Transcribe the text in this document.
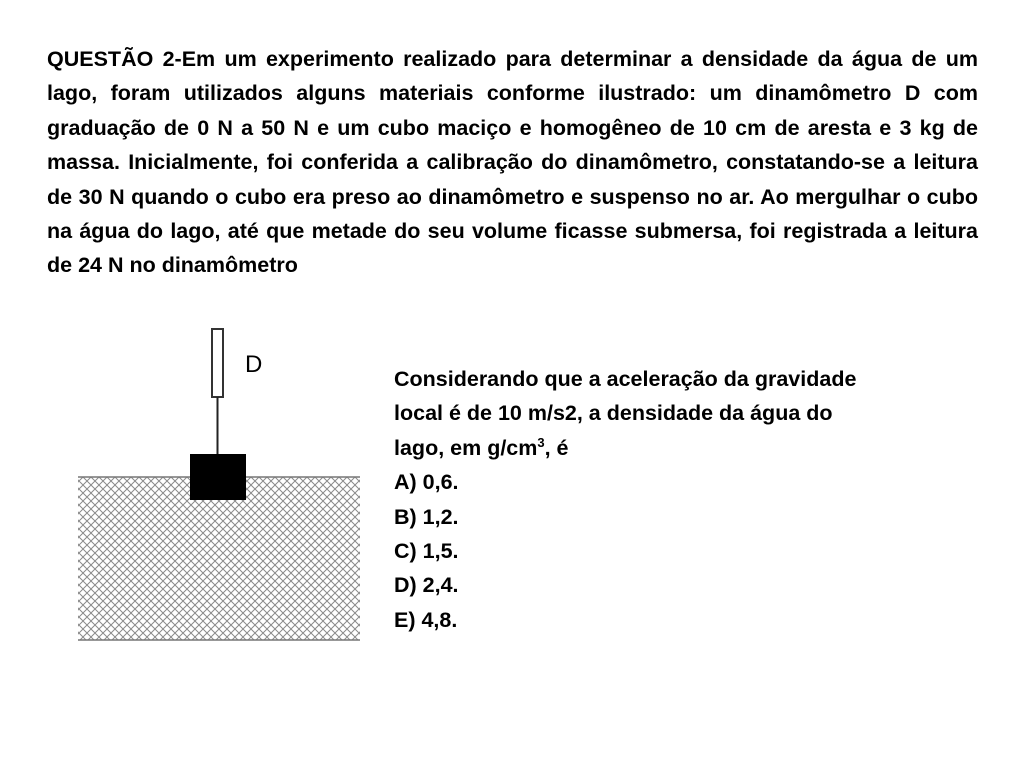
QUESTÃO 2-Em um experimento realizado para determinar a densidade da água de um lago, foram utilizados alguns materiais conforme ilustrado: um dinamômetro D com graduação de 0 N a 50 N e um cubo maciço e homogêneo de 10 cm de aresta e 3 kg de massa. Inicialmente, foi conferida a calibração do dinamômetro, constatando-se a leitura de 30 N quando o cubo era preso ao dinamômetro e suspenso no ar. Ao mergulhar o cubo na água do lago, até que metade do seu volume ficasse submersa, foi registrada a leitura de 24 N no dinamômetro

D
Considerando que a aceleração da gravidade
local é de 10 m/s2, a densidade da água do
lago, em $g/cm^3$, é
A) 0,6.
B) 1,2.
C) 1,5.
D) 2,4.
E) 4,8.
